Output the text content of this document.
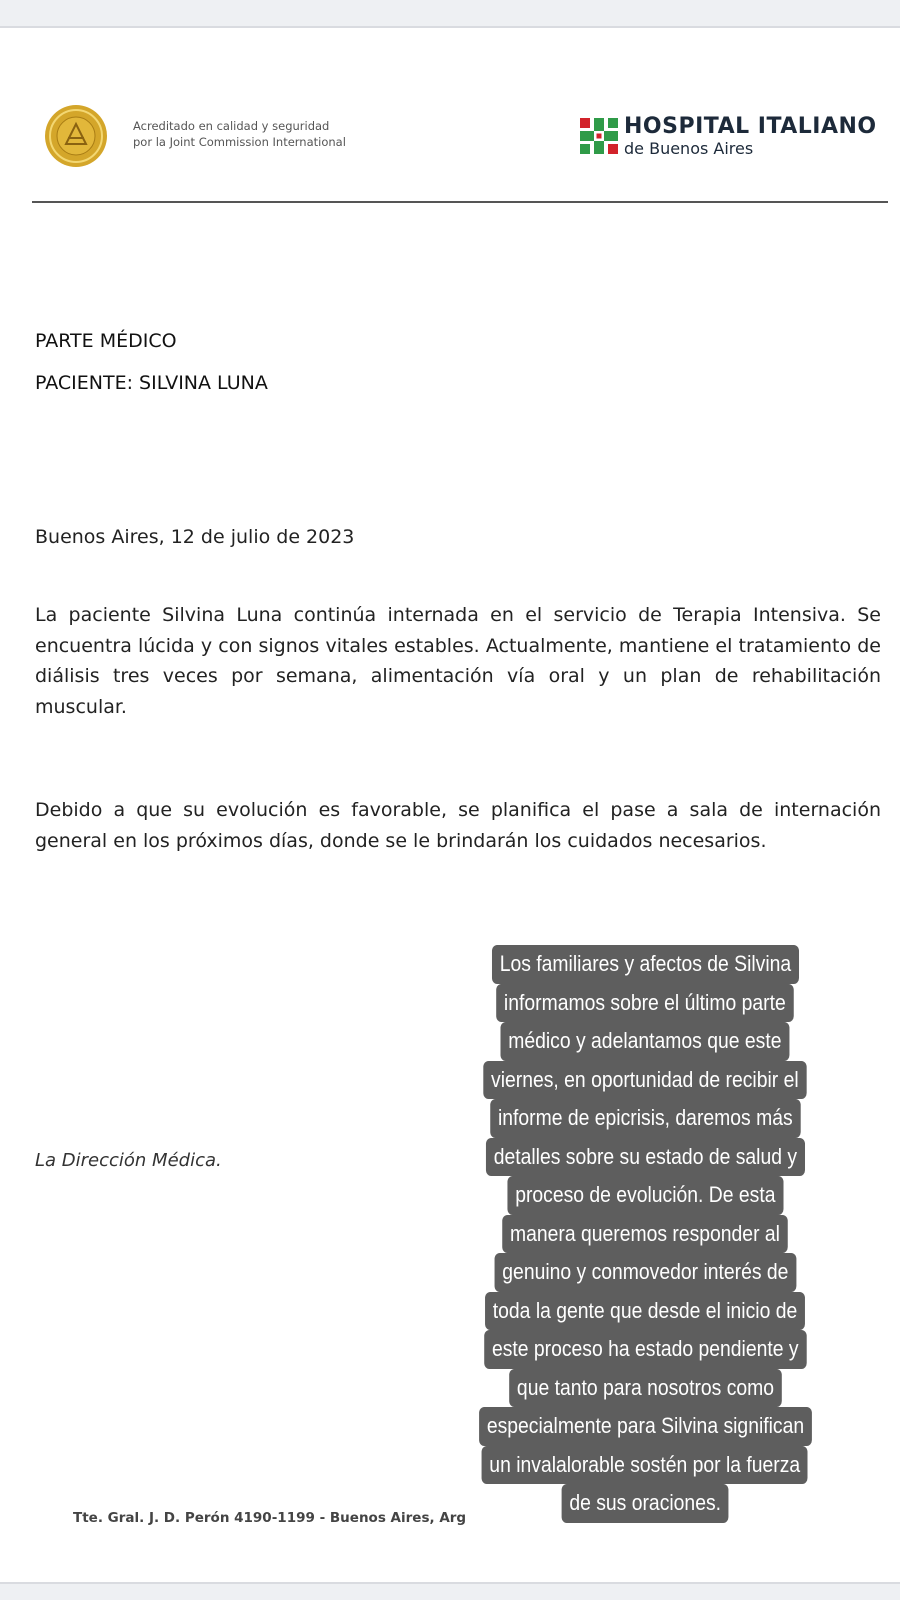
Acreditado en calidad y seguridad
por la Joint Commission International
HOSPITAL ITALIANO
de Buenos Aires
PARTE MÉDICO
PACIENTE: SILVINA LUNA
Buenos Aires, 12 de julio de 2023
La paciente Silvina Luna continúa internada en el servicio de Terapia Intensiva. Se encuentra lúcida y con signos vitales estables. Actualmente, mantiene el tratamiento de diálisis tres veces por semana, alimentación vía oral y un plan de rehabilitación muscular.
Debido a que su evolución es favorable, se planifica el pase a sala de internación general en los próximos días, donde se le brindarán los cuidados necesarios.
La Dirección Médica.
Tte. Gral. J. D. Perón 4190-1199 - Buenos Aires, Arg
Los familiares y afectos de Silvina
informamos sobre el último parte
médico y adelantamos que este
viernes, en oportunidad de recibir el
informe de epicrisis, daremos más
detalles sobre su estado de salud y
proceso de evolución. De esta
manera queremos responder al
genuino y conmovedor interés de
toda la gente que desde el inicio de
este proceso ha estado pendiente y
que tanto para nosotros como
especialmente para Silvina significan
un invalalorable sostén por la fuerza
de sus oraciones.
